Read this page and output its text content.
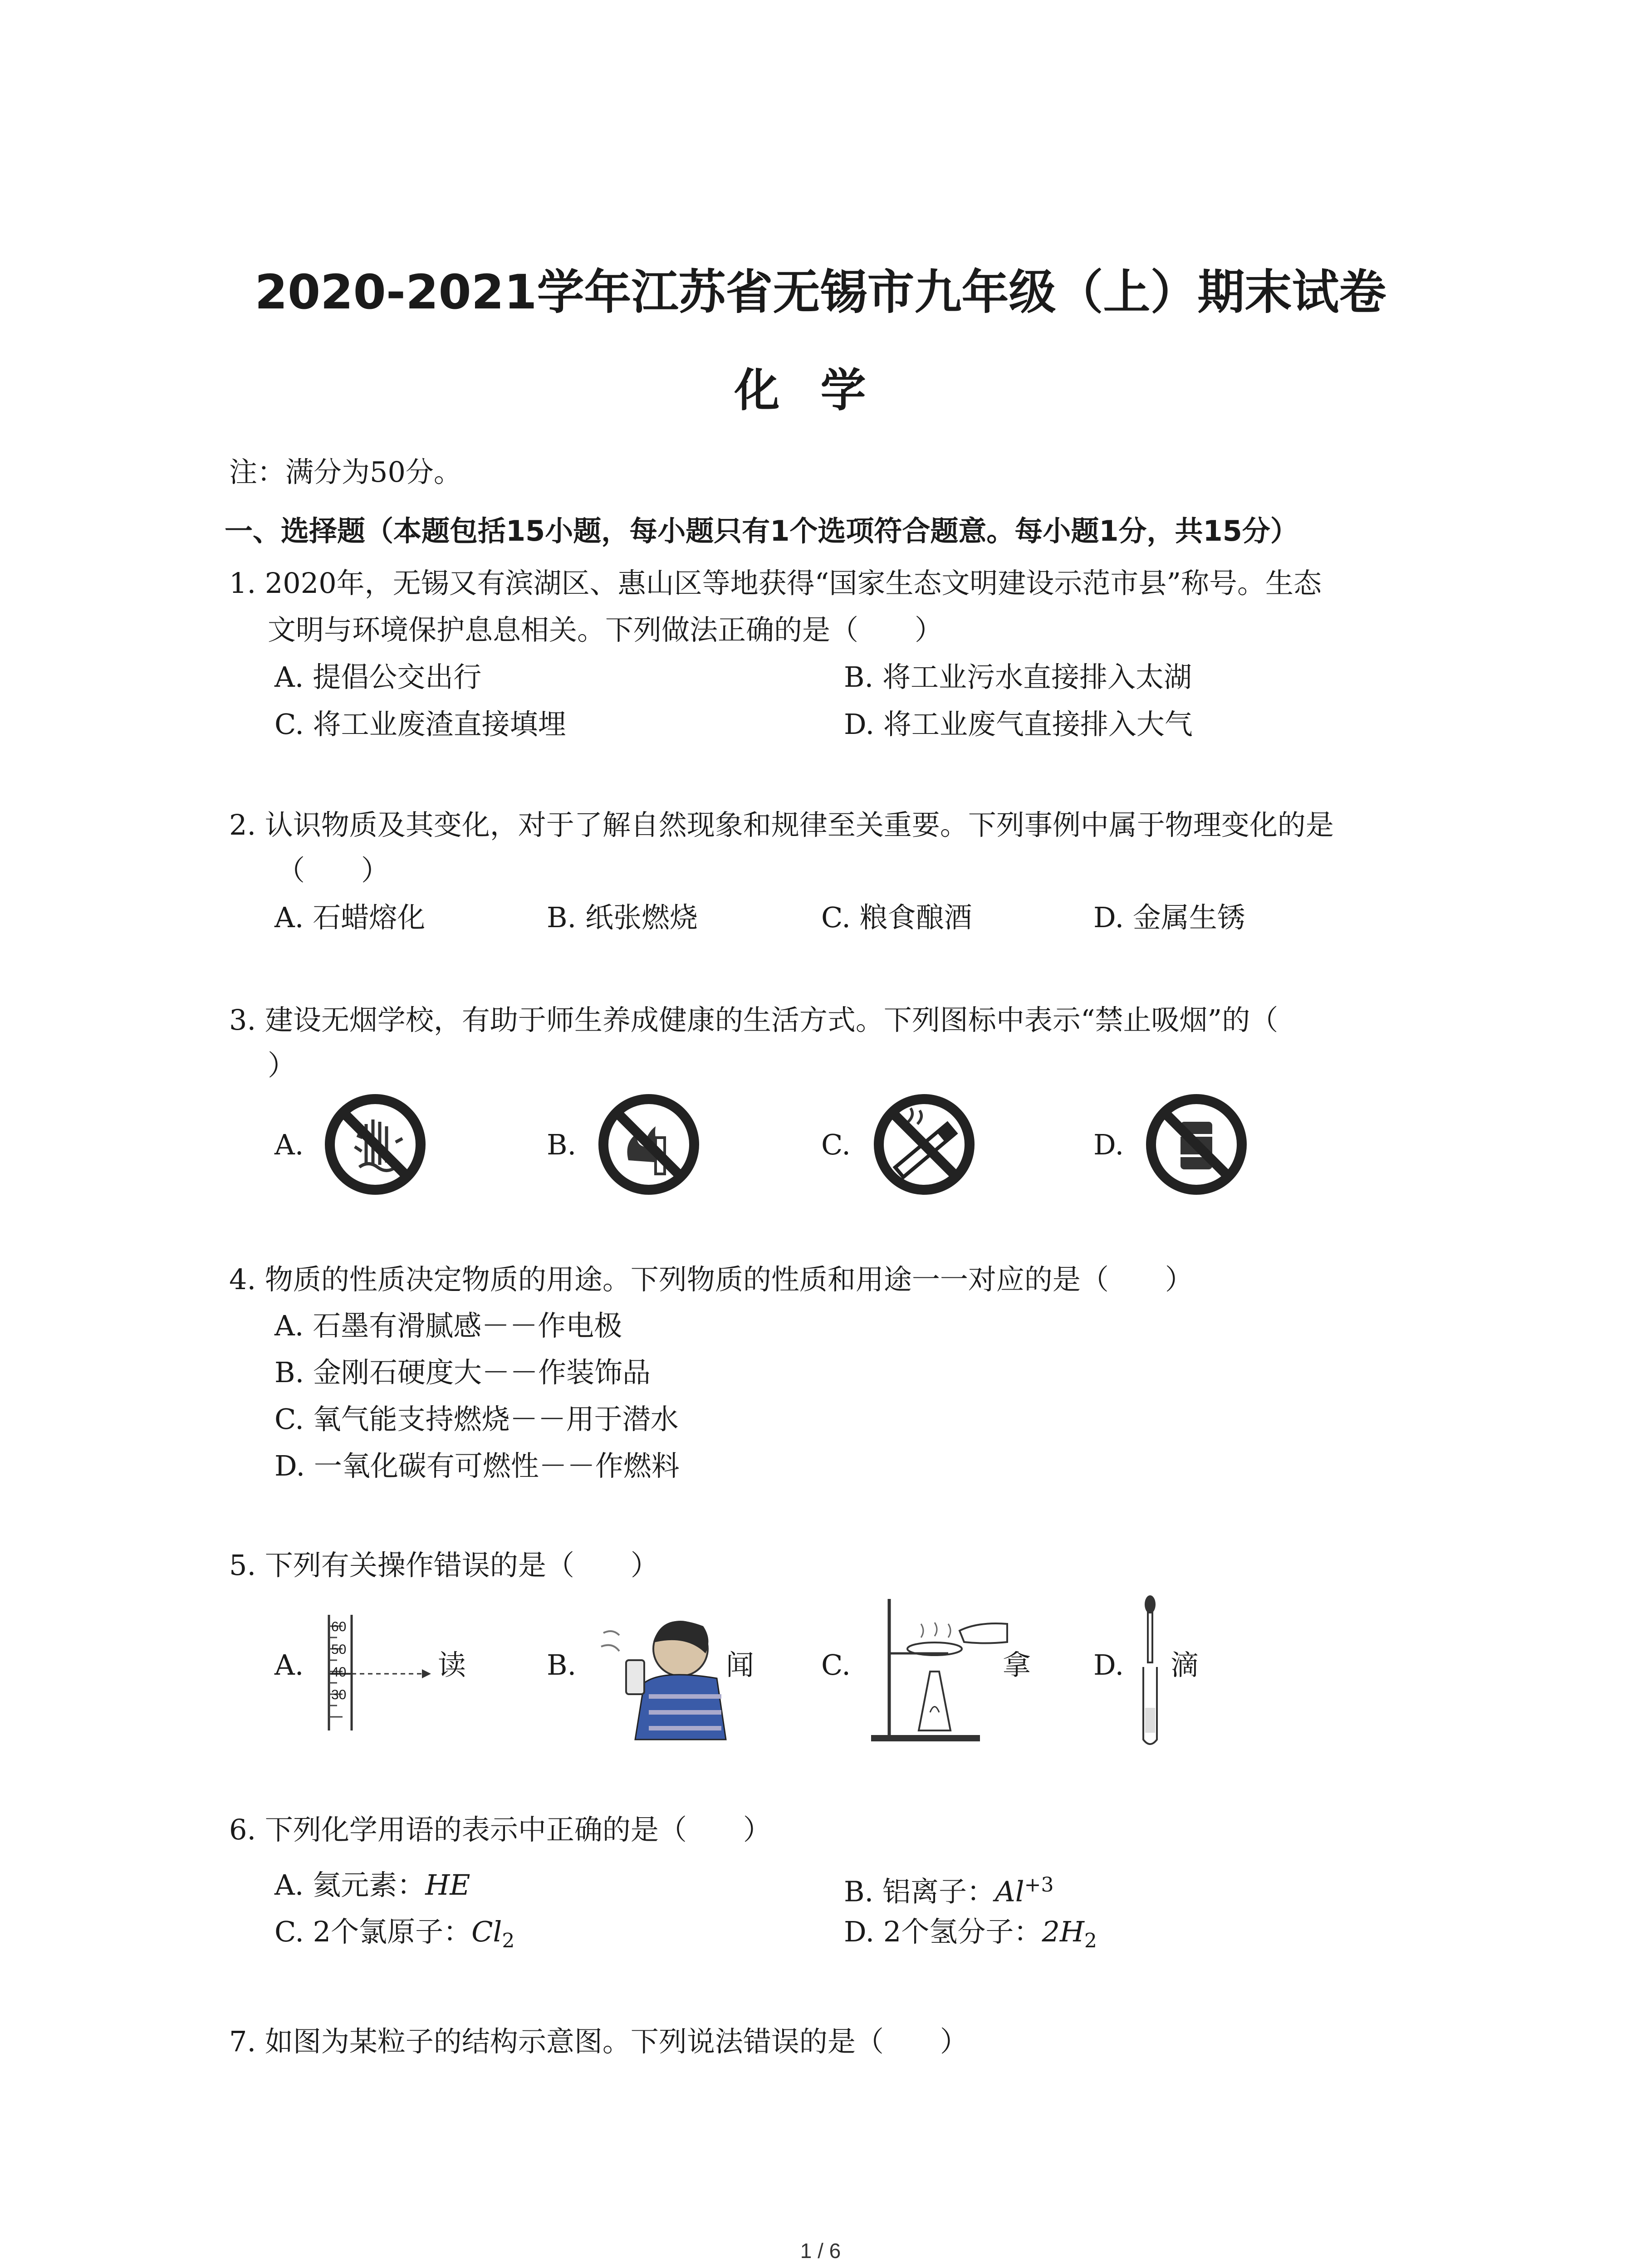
2020-2021学年江苏省无锡市九年级（上）期末试卷
化学
注：满分为50分。
一、选择题（本题包括15小题，每小题只有1个选项符合题意。每小题1分，共15分）
1. 2020年，无锡又有滨湖区、惠山区等地获得“国家生态文明建设示范市县”称号。生态
文明与环境保护息息相关。下列做法正确的是（　　）
A. 提倡公交出行	B. 将工业污水直接排入太湖
C. 将工业废渣直接填埋	D. 将工业废气直接排入大气
2. 认识物质及其变化，对于了解自然现象和规律至关重要。下列事例中属于物理变化的是
（　　）
A. 石蜡熔化	B. 纸张燃烧	C. 粮食酿酒	D. 金属生锈
3. 建设无烟学校，有助于师生养成健康的生活方式。下列图标中表示“禁止吸烟”的（
）
A.	B.	C.	D.
4. 物质的性质决定物质的用途。下列物质的性质和用途一一对应的是（　　）
A. 石墨有滑腻感－－作电极
B. 金刚石硬度大－－作装饰品
C. 氧气能支持燃烧－－用于潜水
D. 一氧化碳有可燃性－－作燃料
5. 下列有关操作错误的是（　　）
A.
60
50
40
30
读	B.	闻 C.	拿 D. 滴
6. 下列化学用语的表示中正确的是（　　）
A. 氦元素：HE	B. 铝离子：$Al^{+3}$
C. 2个氯原子：$Cl_2$	D. 2个氢分子：$2H_2$
7. 如图为某粒子的结构示意图。下列说法错误的是（　　）
1 / 6
